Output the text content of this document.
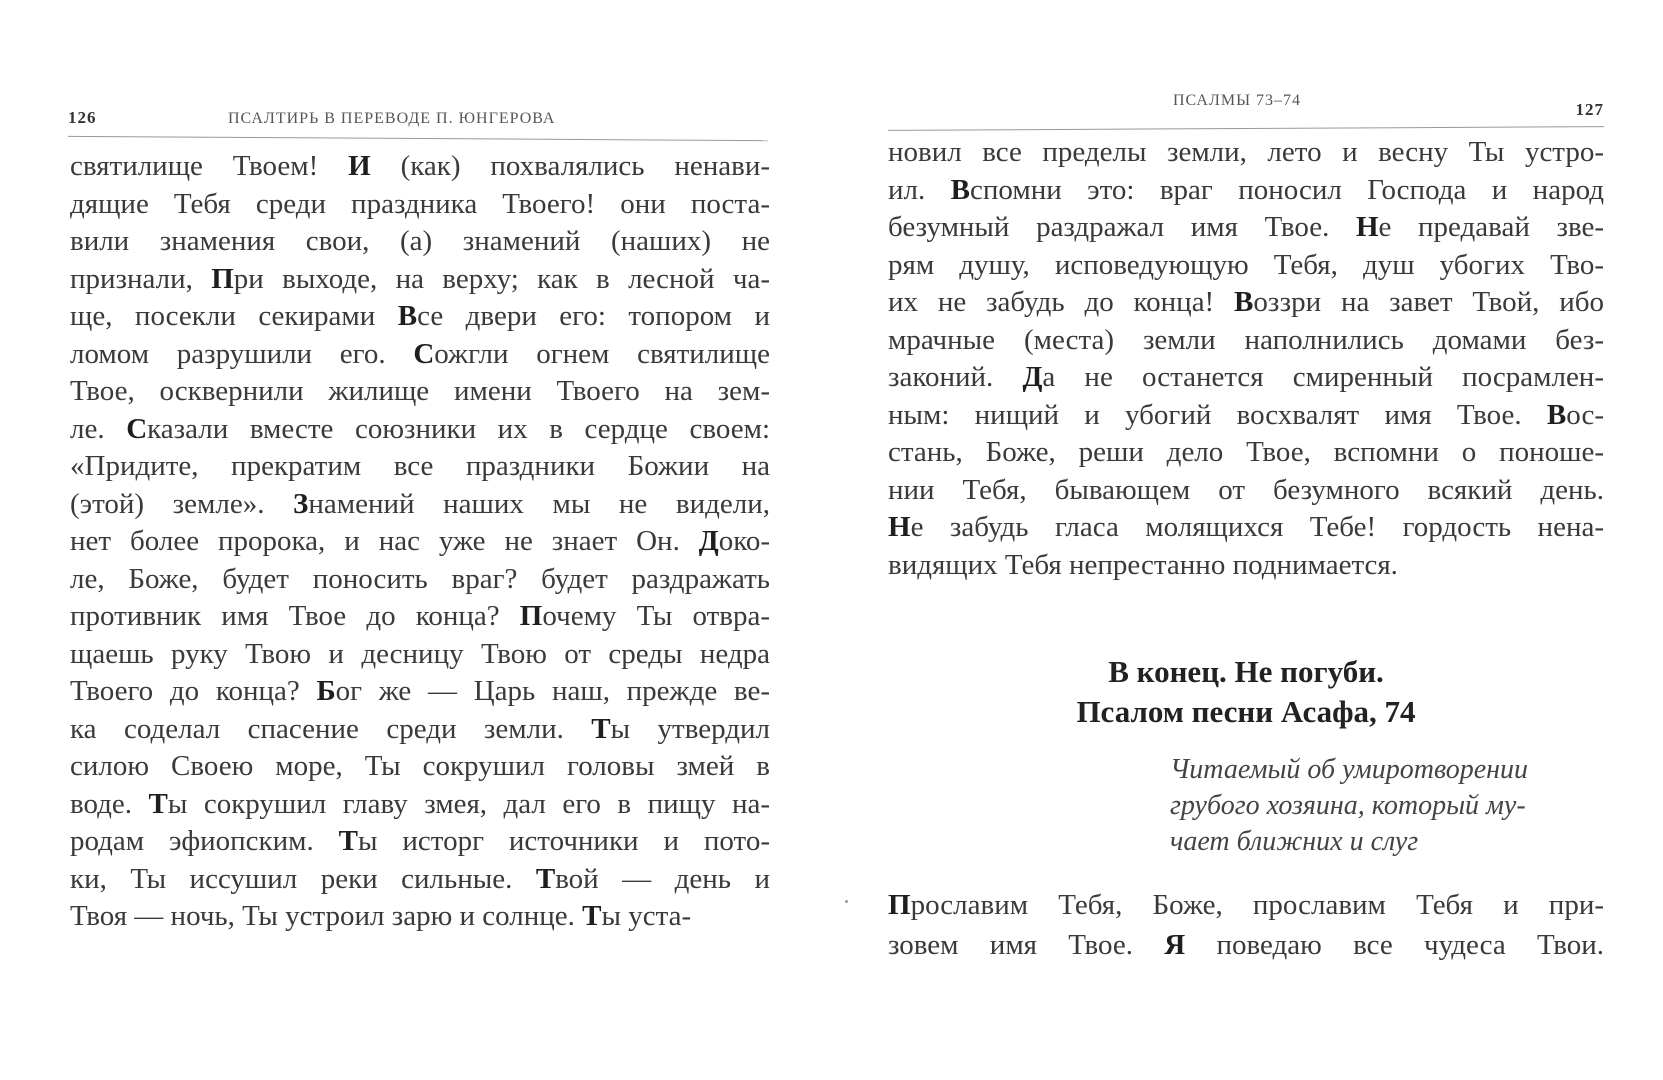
126	ПСАЛТИРЬ В ПЕРЕВОДЕ П. ЮНГЕРОВА
святилище Твоем! И (как) похвалялись ненави-
дящие Тебя среди праздника Твоего! они поста-
вили знамения свои, (а) знамений (наших) не
признали, При выходе, на верху; как в лесной ча-
ще, посекли секирами Все двери его: топором и
ломом разрушили его. Сожгли огнем святилище
Твое, осквернили жилище имени Твоего на зем-
ле. Сказали вместе союзники их в сердце своем:
«Придите, прекратим все праздники Божии на
(этой) земле». Знамений наших мы не видели,
нет более пророка, и нас уже не знает Он. Доко-
ле, Боже, будет поносить враг? будет раздражать
противник имя Твое до конца? Почему Ты отвра-
щаешь руку Твою и десницу Твою от среды недра
Твоего до конца? Бог же — Царь наш, прежде ве-
ка соделал спасение среди земли. Ты утвердил
силою Своею море, Ты сокрушил головы змей в
воде. Ты сокрушил главу змея, дал его в пищу на-
родам эфиопским. Ты исторг источники и пото-
ки, Ты иссушил реки сильные. Твой — день и
Твоя — ночь, Ты устроил зарю и солнце. Ты уста-
ПСАЛМЫ 73–74	127
новил все пределы земли, лето и весну Ты устро-
ил. Вспомни это: враг поносил Господа и народ
безумный раздражал имя Твое. Не предавай зве-
рям душу, исповедующую Тебя, душ убогих Тво-
их не забудь до конца! Воззри на завет Твой, ибо
мрачные (места) земли наполнились домами без-
законий. Да не останется смиренный посрамлен-
ным: нищий и убогий восхвалят имя Твое. Вос-
стань, Боже, реши дело Твое, вспомни о поноше-
нии Тебя, бывающем от безумного всякий день.
Не забудь гласа молящихся Тебе! гордость нена-
видящих Тебя непрестанно поднимается.
В конец. Не погуби.
Псалом песни Асафа, 74
Читаемый об умиротворении
грубого хозяина, который му-
чает ближних и слуг
Прославим Тебя, Боже, прославим Тебя и при-
зовем имя Твое. Я поведаю все чудеса Твои.
